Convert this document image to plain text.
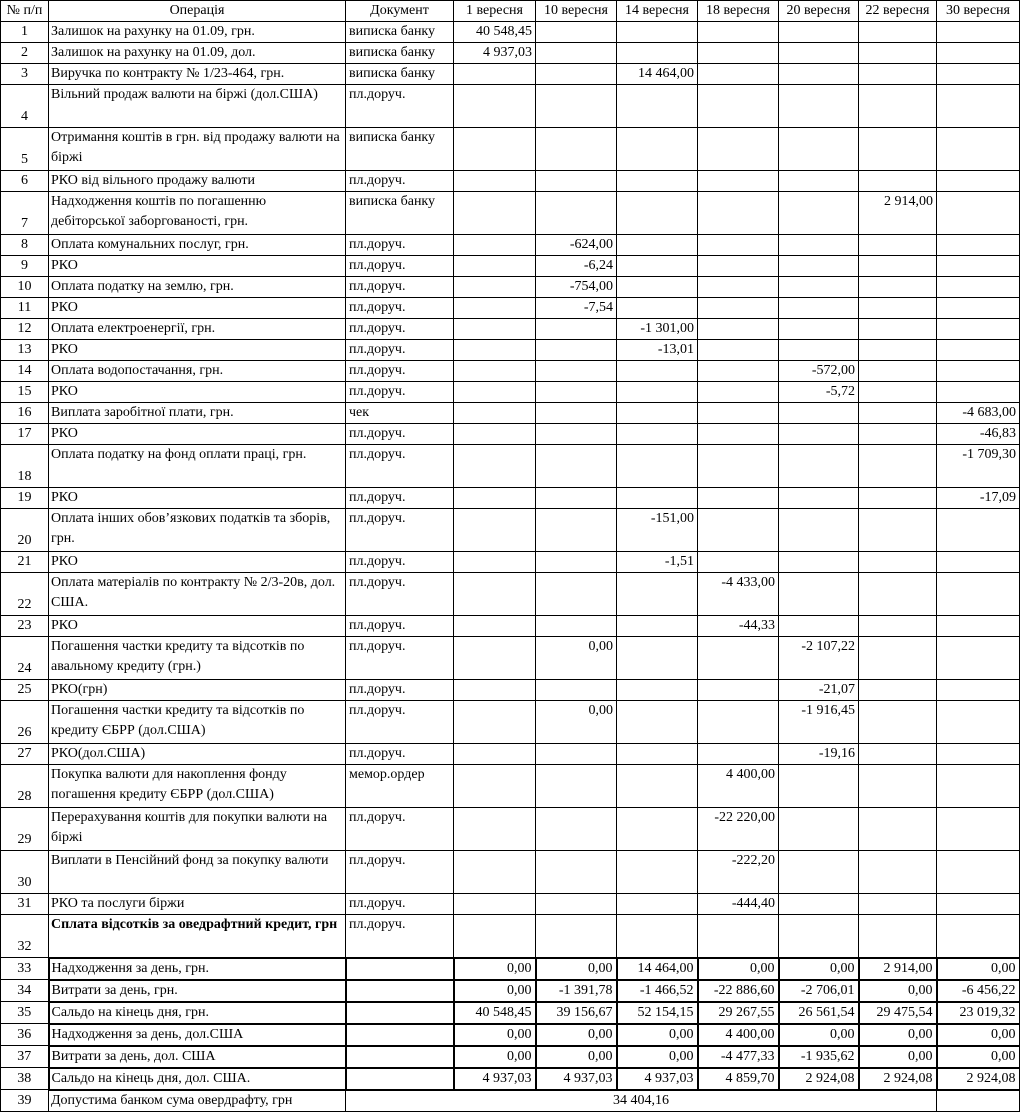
№ п/п	Операція	Документ	1 вересня	10 вересня	14 вересня	18 вересня	20 вересня	22 вересня	30 вересня
1	Залишок на рахунку на 01.09, грн.	виписка банку	40 548,45						
2	Залишок на рахунку на 01.09, дол.	виписка банку	4 937,03						
3	Виручка по контракту № 1/23-464, грн.	виписка банку			14 464,00				
4	Вільний продаж валюти на біржі (дол.США)	пл.доруч.							
5	Отримання коштів в грн. від продажу валюти на біржі	виписка банку							
6	РКО від вільного продажу валюти	пл.доруч.							
7	Надходження коштів по погашенню дебіторської заборгованості, грн.	виписка банку						2 914,00	
8	Оплата комунальних послуг, грн.	пл.доруч.		-624,00					
9	РКО	пл.доруч.		-6,24					
10	Оплата податку на землю, грн.	пл.доруч.		-754,00					
11	РКО	пл.доруч.		-7,54					
12	Оплата електроенергії, грн.	пл.доруч.			-1 301,00				
13	РКО	пл.доруч.			-13,01				
14	Оплата водопостачання, грн.	пл.доруч.					-572,00		
15	РКО	пл.доруч.					-5,72		
16	Виплата заробітної плати, грн.	чек							-4 683,00
17	РКО	пл.доруч.							-46,83
18	Оплата податку на фонд оплати праці, грн.	пл.доруч.							-1 709,30
19	РКО	пл.доруч.							-17,09
20	Оплата інших обов’язкових податків та зборів, грн.	пл.доруч.			-151,00				
21	РКО	пл.доруч.			-1,51				
22	Оплата матеріалів по контракту № 2/3-20в, дол. США.	пл.доруч.				-4 433,00			
23	РКО	пл.доруч.				-44,33			
24	Погашення частки кредиту та відсотків по авальному кредиту (грн.)	пл.доруч.		0,00			-2 107,22		
25	РКО(грн)	пл.доруч.					-21,07		
26	Погашення частки кредиту та відсотків по кредиту ЄБРР (дол.США)	пл.доруч.		0,00			-1 916,45		
27	РКО(дол.США)	пл.доруч.					-19,16		
28	Покупка валюти для накоплення фонду погашення кредиту ЄБРР (дол.США)	мемор.ордер				4 400,00			
29	Перерахування коштів для покупки валюти на біржі	пл.доруч.				-22 220,00			
30	Виплати в Пенсійний фонд за покупку валюти	пл.доруч.				-222,20			
31	РКО та послуги біржи	пл.доруч.				-444,40			
32	Сплата відсотків за оведрафтний кредит, грн	пл.доруч.							
33	Надходження за день, грн.		0,00	0,00	14 464,00	0,00	0,00	2 914,00	0,00
34	Витрати за день, грн.		0,00	-1 391,78	-1 466,52	-22 886,60	-2 706,01	0,00	-6 456,22
35	Сальдо на кінець дня, грн.		40 548,45	39 156,67	52 154,15	29 267,55	26 561,54	29 475,54	23 019,32
36	Надходження за день, дол.США		0,00	0,00	0,00	4 400,00	0,00	0,00	0,00
37	Витрати за день, дол. США		0,00	0,00	0,00	-4 477,33	-1 935,62	0,00	0,00
38	Сальдо на кінець дня, дол. США.		4 937,03	4 937,03	4 937,03	4 859,70	2 924,08	2 924,08	2 924,08
39	Допустима банком сума овердрафту, грн	34 404,16							
